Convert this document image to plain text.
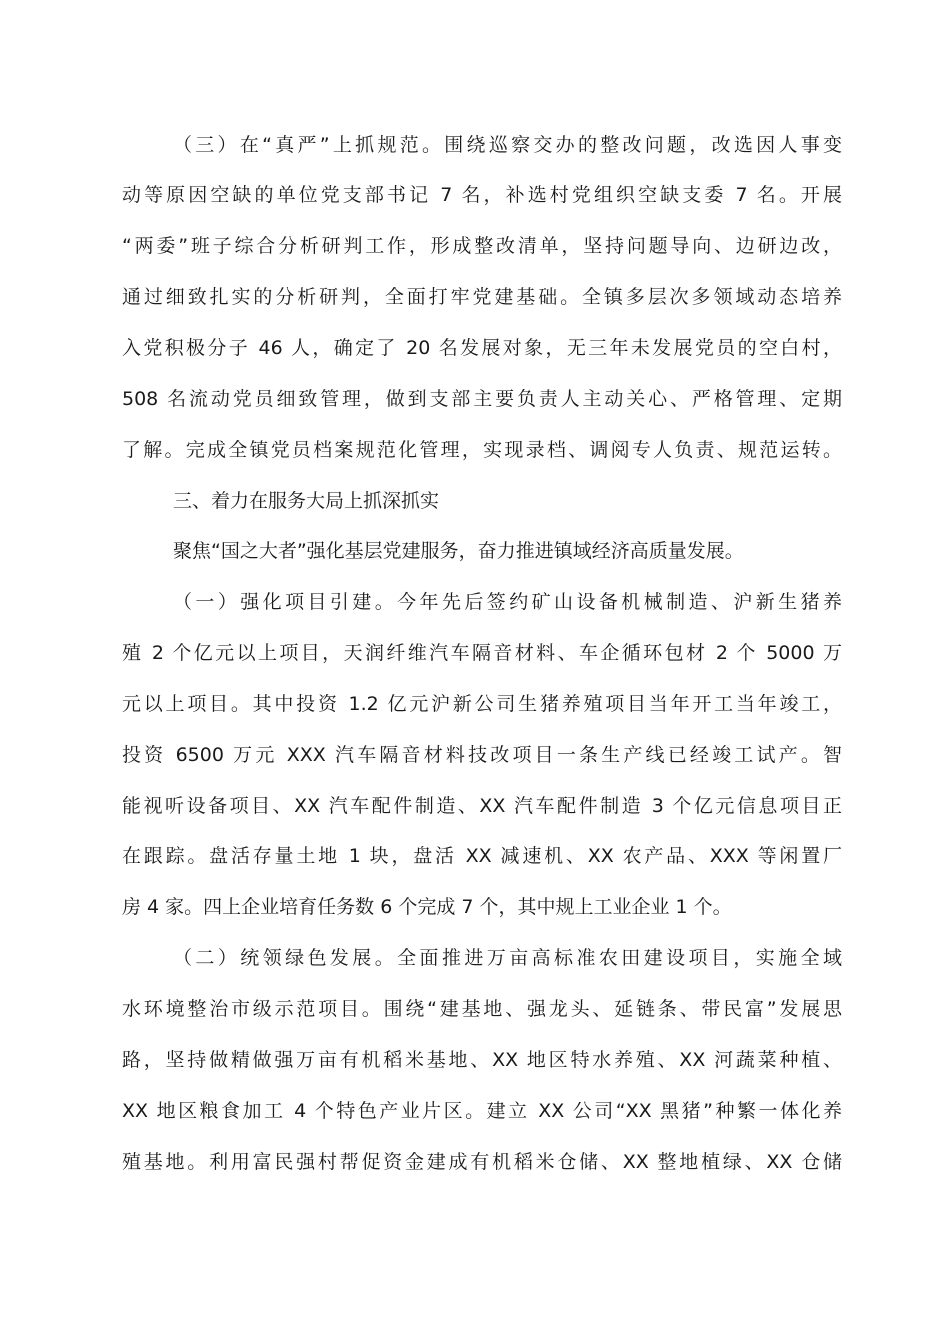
（三）在“真严”上抓规范。围绕巡察交办的整改问题，改选因人事变
动等原因空缺的单位党支部书记 7 名，补选村党组织空缺支委 7 名。开展
“两委”班子综合分析研判工作，形成整改清单，坚持问题导向、边研边改，
通过细致扎实的分析研判，全面打牢党建基础。全镇多层次多领域动态培养
入党积极分子 46 人，确定了 20 名发展对象，无三年未发展党员的空白村，
508 名流动党员细致管理，做到支部主要负责人主动关心、严格管理、定期
了解。完成全镇党员档案规范化管理，实现录档、调阅专人负责、规范运转。
三、着力在服务大局上抓深抓实
聚焦“国之大者”强化基层党建服务，奋力推进镇域经济高质量发展。
（一）强化项目引建。今年先后签约矿山设备机械制造、沪新生猪养
殖 2 个亿元以上项目，天润纤维汽车隔音材料、车企循环包材 2 个 5000 万
元以上项目。其中投资 1.2 亿元沪新公司生猪养殖项目当年开工当年竣工，
投资 6500 万元 XXX 汽车隔音材料技改项目一条生产线已经竣工试产。智
能视听设备项目、XX 汽车配件制造、XX 汽车配件制造 3 个亿元信息项目正
在跟踪。盘活存量土地 1 块，盘活 XX 减速机、XX 农产品、XXX 等闲置厂
房 4 家。四上企业培育任务数 6 个完成 7 个，其中规上工业企业 1 个。
（二）统领绿色发展。全面推进万亩高标准农田建设项目，实施全域
水环境整治市级示范项目。围绕“建基地、强龙头、延链条、带民富”发展思
路，坚持做精做强万亩有机稻米基地、XX 地区特水养殖、XX 河蔬菜种植、
XX 地区粮食加工 4 个特色产业片区。建立 XX 公司“XX 黑猪”种繁一体化养
殖基地。利用富民强村帮促资金建成有机稻米仓储、XX 整地植绿、XX 仓储
